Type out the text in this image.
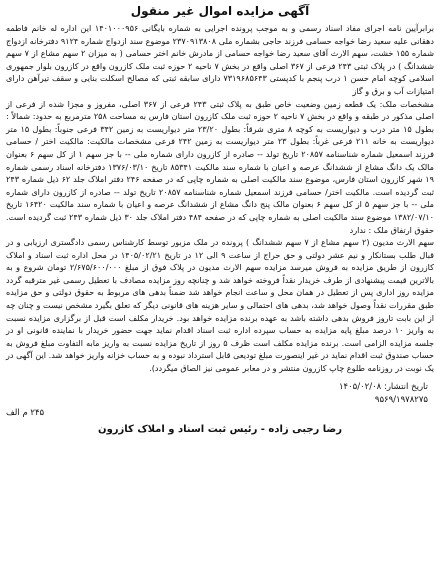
آگهی مزایده اموال غیر منقول

برابرآیین نامه اجرای مفاد اسناد رسمی و به موجب پرونده اجرایی به شماره بایگانی ۱۴۰۱۰۰۰۹۵۶ این اداره له خانم فاطمه دهقانی علیه سعید رضا خواجه حسامی فرزند حاجی بشماره ملی ۲۳۷۰۹۱۳۸۰۸ موضوع سند ازدواج شماره ۹۱۲۴ دفترخانه ازدواج شماره ۱۵۵ خشت، سهم الارث آقای سعید رضا خواجه حسامی از مادرش خانم اختر حسامی ( به میزان ۲ سهم مشاع از ۷ سهم ششدانگ ) در پلاک ثبتی ۲۴۳ فرعی از ۳۶۷ اصلی واقع در بخش ۷ ناحیه ۲ حوزه ثبت ملک کازرون واقع در کازرون بلوار جمهوری اسلامی کوچه امام حسن ۱ درب پنجم با کدپستی ۷۳۱۹۶۸۵۶۴۳ دارای سابقه ثبتی که مصالح اسکلت بنایی و سقف تیرآهن دارای امتیازات آب و برق و گاز

مشخصات ملک: یک قطعه زمین وضعیت خاص طبق به پلاک ثبتی ۲۴۳ فرعی از ۳۶۷ اصلی، مفروز و مجزا شده از فرعی از اصلی مذکور در طبقه و واقع در بخش ۷ ناحیه ۲ حوزه ثبت ملک کازرون استان فارس به مساحت ۲۵۸ مترمربع به حدود: شمالاً : بطول ۱۵ متر درب و دیواریست به کوچه ۸ متری شرقاً: بطول ۲۳/۲۰ متر دیواریست به زمین ۳۴۲ فرعی جنوباً: بطول ۱۵ متر دیواریست به خانه ۲۱۱ فرعی غرباً: بطول ۲۳ متر دیواریست به زمین ۲۴۲ فرعی مشخصات مالکیت: مالکیت اختر / حسامی فرزند اسمعیل شماره شناسنامه ۲۰۸۵۷ تاریخ تولد -- صادره از کازرون دارای شماره ملی -- با جز سهم ۱ از کل سهم ۶ بعنوان مالک یک دانگ مشاع از ششدانگ عرصه و اعیان با شماره سند مالکیت ۸۵۳۴۱ تاریخ ۱۳۷۶/۰۳/۱۰ دفترخانه اسناد رسمی شماره ۱۹ شهر کازرون استان فارس، موضوع سند مالکیت اصلی به شماره چاپی که در صفحه ۲۴۶ دفتر املاک جلد ۶۲ ذیل شماره ۲۴۳ ثبت گردیده است. مالکیت اختر/ حسامی فرزند اسمعیل شماره شناسنامه ۲۰۸۵۷ تاریخ تولد -- صادره از کازرون دارای شماره ملی -- با جز سهم ۵ از کل سهم ۶ بعنوان مالک پنج دانگ مشاع از ششدانگ عرصه و اعیان با شماره سند مالکیت ۱۶۴۲۰ تاریخ ۱۳۸۲/۰۷/۱۰ موضوع سند مالکیت اصلی به شماره چاپی که در صفحه ۴۸۴ دفتر املاک جلد ۳۰ ذیل شماره ۲۴۳ ثبت گردیده است. حقوق ارتفاق ملک : ندارد

سهم الارث مدیون (۲ سهم مشاع از ۷ سهم ششدانگ ) پرونده در ملک مزبور توسط کارشناس رسمی دادگستری ارزیابی و در قبال طلب بستانکار و نیم عشر دولتی و حق حراج از ساعت ۹ الی ۱۲ در تاریخ ۱۴۰۵/۰۲/۲۱ در محل اداره ثبت اسناد و املاک کازرون از طریق مزایده به فروش میرسد مزایده سهم الارث مدیون در پلاک فوق از مبلغ ۲/۶۷۵/۶۰۰/۰۰۰ تومان شروع و به بالاترین قیمت پیشنهادی از طرف خریدار نقداً فروخته خواهد شد و چنانچه روز مزایده مصادف با تعطیل رسمی غیر مترقبه گردد مزایده روز اداری پس از تعطیل در همان محل و ساعت انجام خواهد شد ضمناً بدهی های مربوط به حقوق دولتی و حق مزایده طبق مقررات نقداً وصول خواهد شد، بدهی های احتمالی و سایر هزینه های قانونی دیگر که تعلق بگیرد مشخص نیست و چنان چه از این بابت تاروز فروش بدهی داشته باشد به عهده برنده مزایده خواهد بود. خریدار مکلف است قبل از برگزاری مزایده نسبت به واریز ۱۰ درصد مبلغ پایه مزایده به حساب سپرده اداره ثبت اسناد اقدام نماید جهت حضور خریدار با نماینده قانونی او در جلسه مزایده الزامی است. برنده مزایده مکلف است ظرف ۵ روز از تاریخ مزایده نسبت به واریز مابه التفاوت مبلغ فروش به حساب صندوق ثبت اقدام نماید در غیر اینصورت مبلغ تودیعی قابل استرداد نبوده و به حساب خزانه واریز خواهد شد. این آگهی در یک نوبت در روزنامه طلوع چاپ کازرون منتشر و در معابر عمومی نیز الصاق میگردد).

تاریخ انتشار: ۱۴۰۵/۰۲/۰۸
۹۵۶۹/۱۹۷۸۲۷۵
۲۴۵ م الف
رضا رجبی زاده - رئیس ثبت اسناد و املاک کازرون
